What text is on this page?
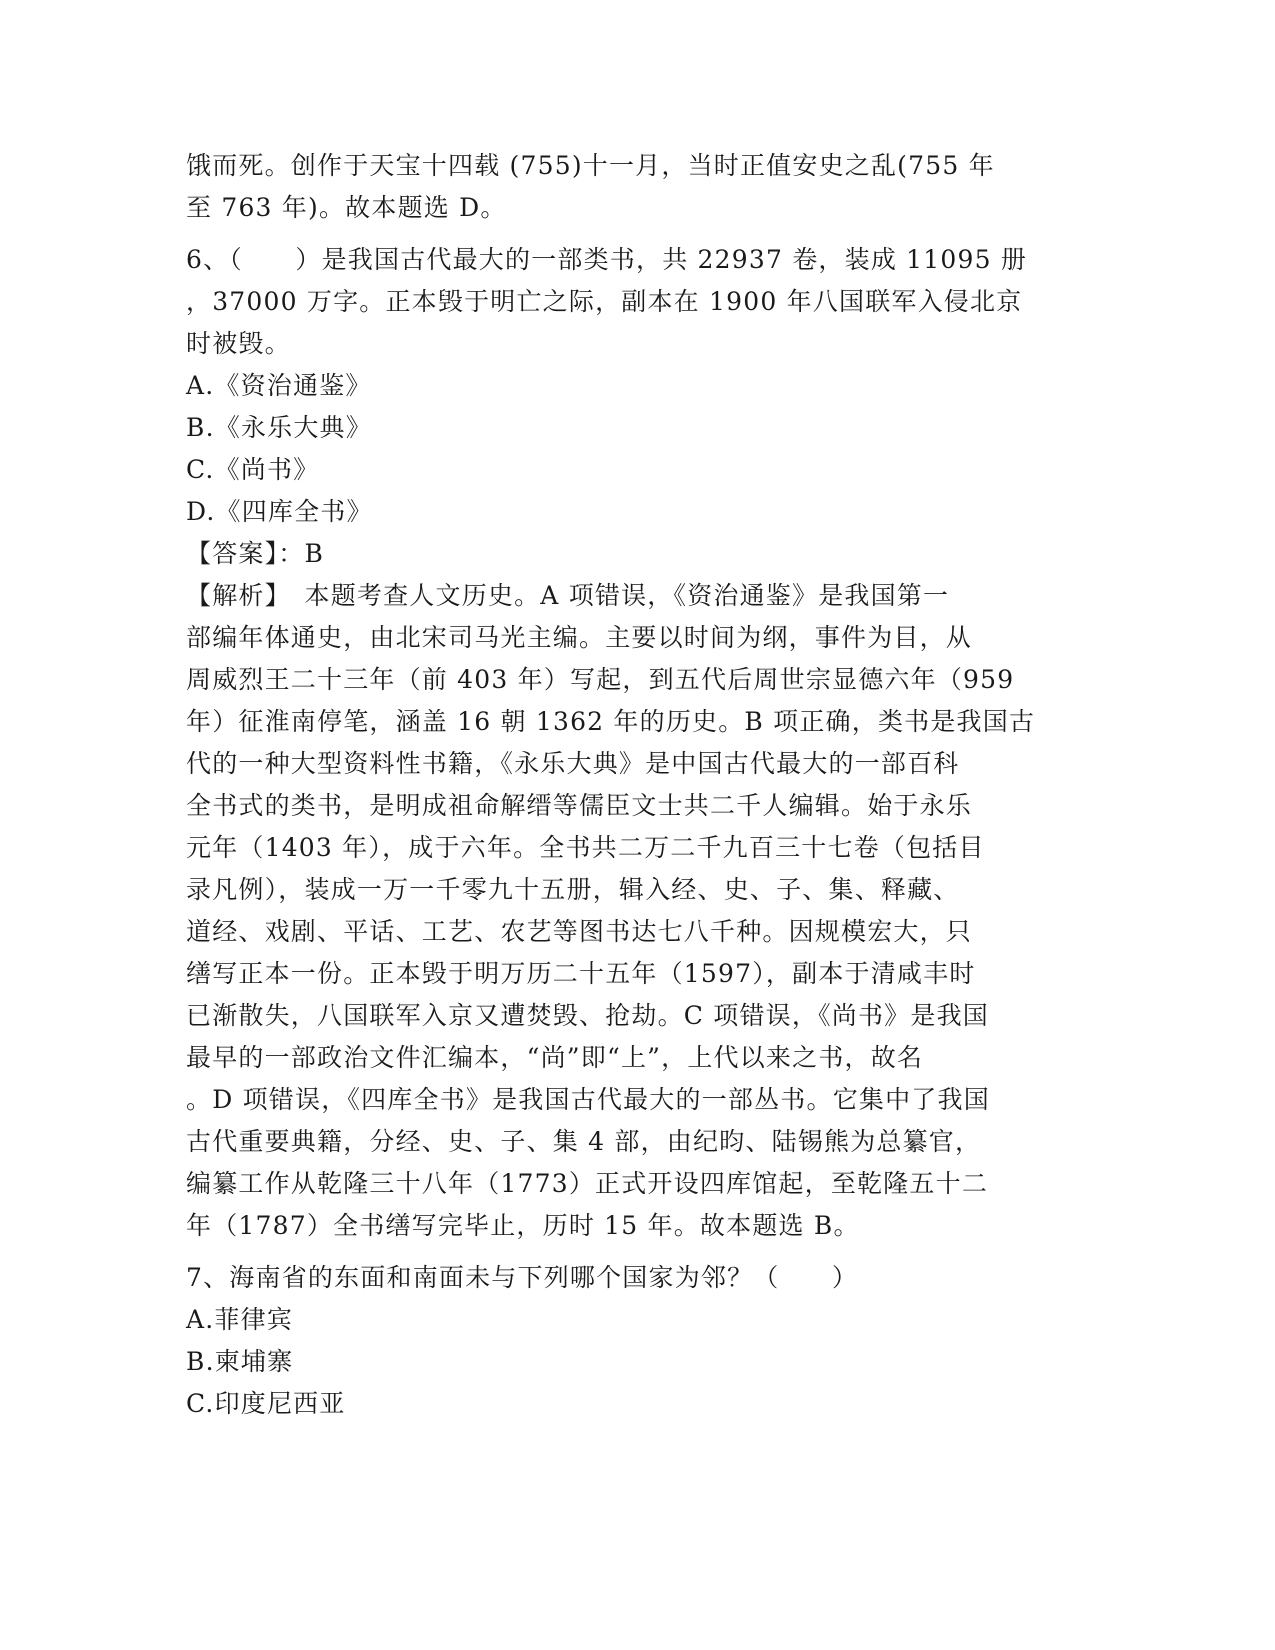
饿而死。创作于天宝十四载 (755)十一月，当时正值安史之乱(755 年
至 763 年)。故本题选 D。
6、（　　）是我国古代最大的一部类书，共 22937 卷，装成 11095 册
，37000 万字。正本毁于明亡之际，副本在 1900 年八国联军入侵北京
时被毁。
A.《资治通鉴》
B.《永乐大典》
C.《尚书》
D.《四库全书》
【答案】：B
【解析】　本题考查人文历史。A 项错误，《资治通鉴》是我国第一
部编年体通史，由北宋司马光主编。主要以时间为纲，事件为目，从
周威烈王二十三年（前 403 年）写起，到五代后周世宗显德六年（959
年）征淮南停笔，涵盖 16 朝 1362 年的历史。B 项正确，类书是我国古
代的一种大型资料性书籍，《永乐大典》是中国古代最大的一部百科
全书式的类书，是明成祖命解缙等儒臣文士共二千人编辑。始于永乐
元年（1403 年），成于六年。全书共二万二千九百三十七卷（包括目
录凡例），装成一万一千零九十五册，辑入经、史、子、集、释藏、
道经、戏剧、平话、工艺、农艺等图书达七八千种。因规模宏大，只
缮写正本一份。正本毁于明万历二十五年（1597），副本于清咸丰时
已渐散失，八国联军入京又遭焚毁、抢劫。C 项错误，《尚书》是我国
最早的一部政治文件汇编本，“尚”即“上”，上代以来之书，故名
。D 项错误，《四库全书》是我国古代最大的一部丛书。它集中了我国
古代重要典籍，分经、史、子、集 4 部，由纪昀、陆锡熊为总纂官，
编纂工作从乾隆三十八年（1773）正式开设四库馆起，至乾隆五十二
年（1787）全书缮写完毕止，历时 15 年。故本题选 B。
7、海南省的东面和南面未与下列哪个国家为邻？（　　）
A.菲律宾
B.柬埔寨
C.印度尼西亚
